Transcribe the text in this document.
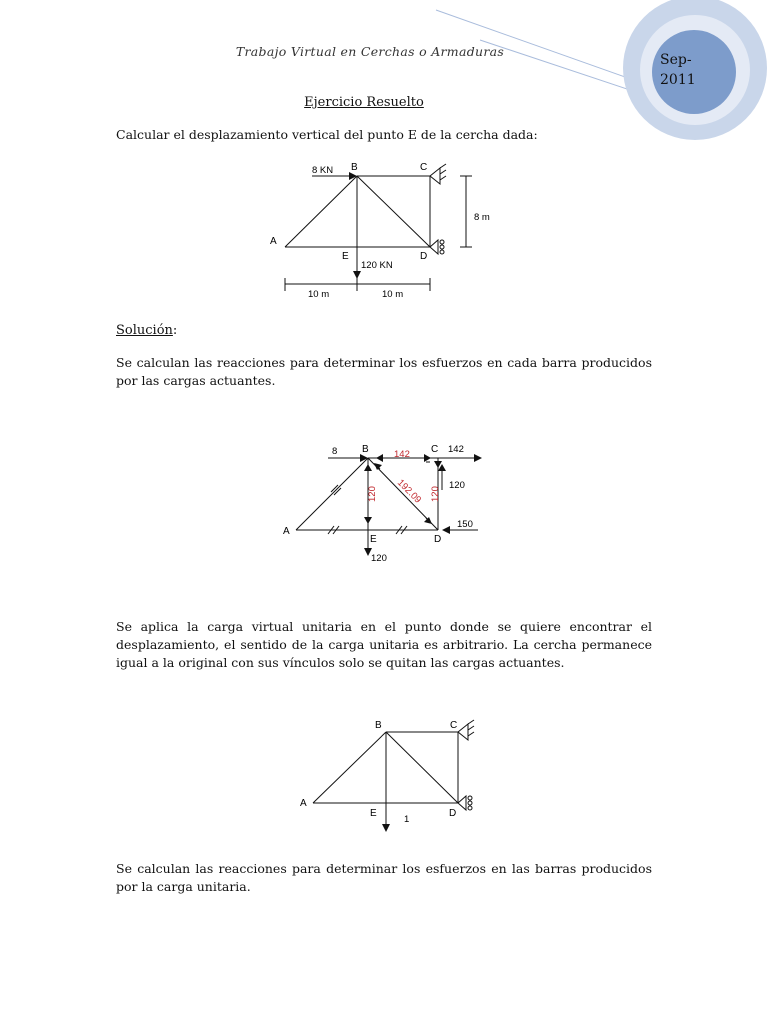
Sep-2011
Trabajo Virtual en Cerchas o Armaduras
Ejercicio Resuelto
Calcular el desplazamiento vertical del punto E de la cercha dada:
A
B	C
D
E
8 KN
120 KN
8 m
10 m	10 m
Solución:
Se calculan las reacciones para determinar los esfuerzos en cada barra producidos por las cargas actuantes.
A
B	C
D
E
8	142	142
120 192.09 120
120
150
120
Se aplica la carga virtual unitaria en el punto donde se quiere encontrar el desplazamiento, el sentido de la carga unitaria es arbitrario. La cercha permanece igual a la original con sus vínculos solo se quitan las cargas actuantes.
A
B	C
D
E
1
Se calculan las reacciones para determinar los esfuerzos en las barras producidos por la carga unitaria.
